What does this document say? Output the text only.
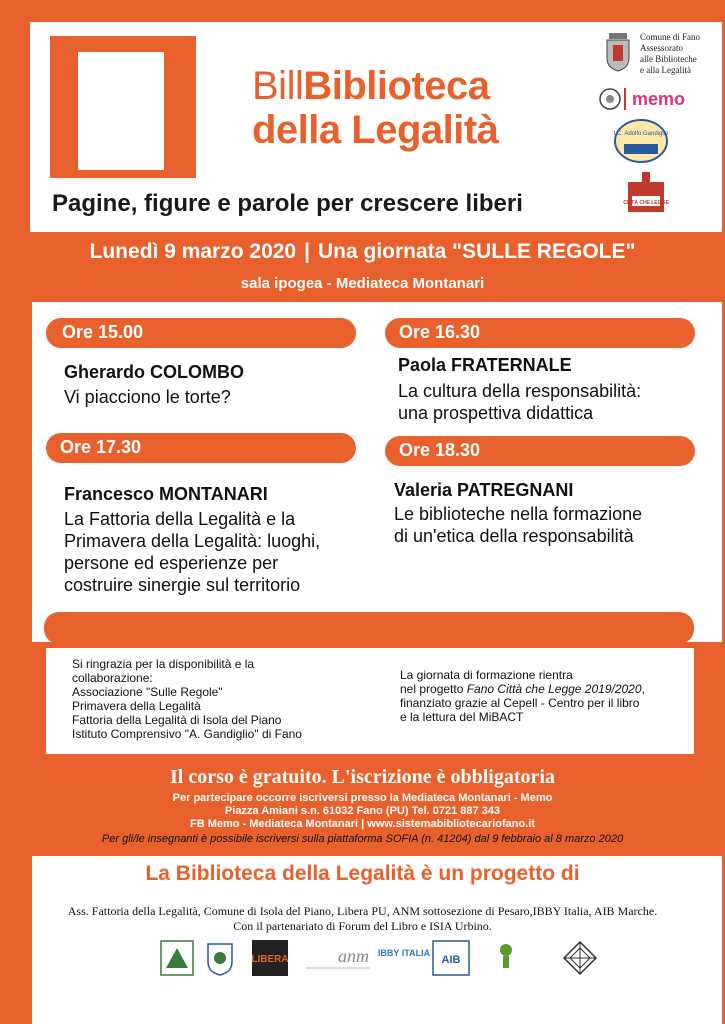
BillBiblioteca
della Legalità
Pagine, figure e parole per crescere liberi
Comune di Fano
Assessorato
alle Biblioteche
e alla Legalità
memo
I.C. Adolfo Gandiglio
CITTÀ CHE LEGGE
Lunedì 9 marzo 2020 | Una giornata "SULLE REGOLE"
sala ipogea - Mediateca Montanari
Ore 15.00	Ore 16.30
Ore 17.30	Ore 18.30
Gherardo COLOMBO
Vi piacciono le torte?
Paola FRATERNALE
La cultura della responsabilità:
una prospettiva didattica
Francesco MONTANARI
La Fattoria della Legalità e la
Primavera della Legalità: luoghi,
persone ed esperienze per
costruire sinergie sul territorio
Valeria PATREGNANI
Le biblioteche nella formazione
di un'etica della responsabilità
Si ringrazia per la disponibilità e la
collaborazione:
Associazione "Sulle Regole"
Primavera della Legalità
Fattoria della Legalità di Isola del Piano
Istituto Comprensivo "A. Gandiglio" di Fano
La giornata di formazione rientra
nel progetto Fano Città che Legge 2019/2020,
finanziato grazie al Cepell - Centro per il libro
e la lettura del MiBACT
Il corso è gratuito. L'iscrizione è obbligatoria
Per partecipare occorre iscriversi presso la Mediateca Montanari - Memo
Piazza Amiani s.n. 61032 Fano (PU) Tel. 0721 887 343
FB Memo - Mediateca Montanari | www.sistemabibliotecariofano.it
Per gli/le insegnanti è possibile iscriversi sulla piattaforma SOFIA (n. 41204) dal 9 febbraio al 8 marzo 2020
La Biblioteca della Legalità è un progetto di
Ass. Fattoria della Legalità, Comune di Isola del Piano, Libera PU, ANM sottosezione di Pesaro,IBBY Italia, AIB Marche.
Con il partenariato di Forum del Libro e ISIA Urbino.
LIBERA	anm IBBY ITALIA
AIB
